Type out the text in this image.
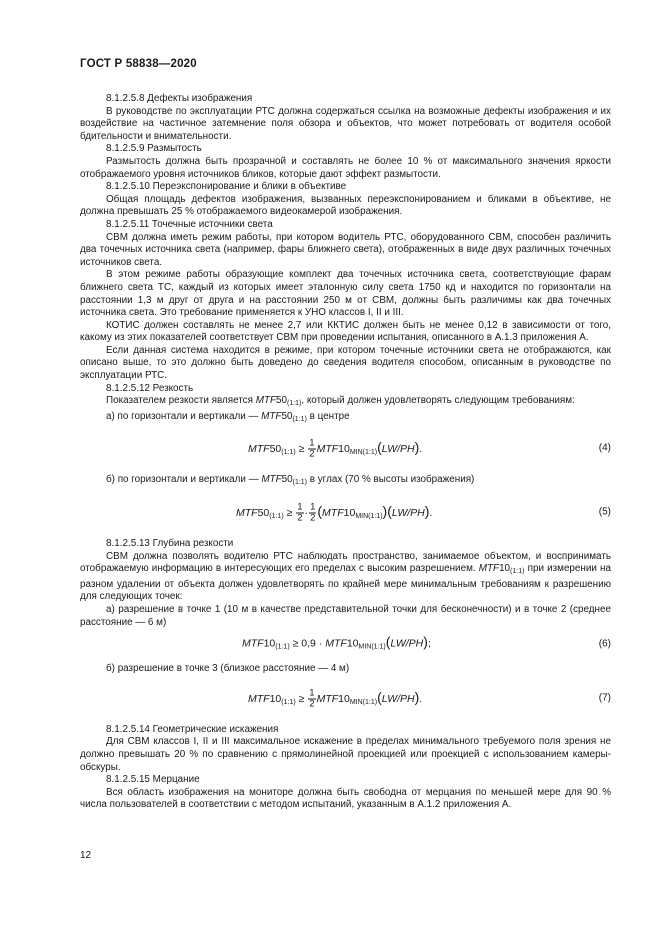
ГОСТ Р 58838—2020

8.1.2.5.8 Дефекты изображения

В руководстве по эксплуатации РТС должна содержаться ссылка на возможные дефекты изображения и их воздействие на частичное затемнение поля обзора и объектов, что может потребовать от водителя особой бдительности и внимательности.

8.1.2.5.9 Размытость

Размытость должна быть прозрачной и составлять не более 10 % от максимального значения яркости отображаемого уровня источников бликов, которые дают эффект размытости.

8.1.2.5.10 Переэкспонирование и блики в объективе

Общая площадь дефектов изображения, вызванных переэкспонированием и бликами в объективе, не должна превышать 25 % отображаемого видеокамерой изображения.

8.1.2.5.11 Точечные источники света

СВМ должна иметь режим работы, при котором водитель РТС, оборудованного СВМ, способен различить два точечных источника света (например, фары ближнего света), отображенных в виде двух различных точечных источников света.

В этом режиме работы образующие комплект два точечных источника света, соответствующие фарам ближнего света ТС, каждый из которых имеет эталонную силу света 1750 кд и находится по горизонтали на расстоянии 1,3 м друг от друга и на расстоянии 250 м от СВМ, должны быть различимы как два точечных источника света. Это требование применяется к УНО классов I, II и III.

КОТИС должен составлять не менее 2,7 или ККТИС должен быть не менее 0,12 в зависимости от того, какому из этих показателей соответствует СВМ при проведении испытания, описанного в А.1.3 приложения А.

Если данная система находится в режиме, при котором точечные источники света не отображаются, как описано выше, то это должно быть доведено до сведения водителя способом, описанным в руководстве по эксплуатации РТС.

8.1.2.5.12 Резкость

Показателем резкости является $MTF50_{(1:1)}$, который должен удовлетворять следующим требованиям:

а) по горизонтали и вертикали — $MTF50_{(1:1)}$ в центре

$MTF50_{(1:1)} \ge \frac{1}{2} MTF10_{MIN(1:1)}(LW/PH)$.	(4)

б) по горизонтали и вертикали — $MTF50_{(1:1)}$ в углах (70 % высоты изображения)

$MTF50_{(1:1)} \ge \frac{1}{2} \cdot \frac{1}{2} (MTF10_{MIN(1:1)})(LW/PH)$.	(5)

8.1.2.5.13 Глубина резкости

СВМ должна позволять водителю РТС наблюдать пространство, занимаемое объектом, и воспринимать отображаемую информацию в интересующих его пределах с высоким разрешением. $MTF10_{(1:1)}$ при измерении на разном удалении от объекта должен удовлетворять по крайней мере минимальным требованиям к разрешению для следующих точек:

а) разрешение в точке 1 (10 м в качестве представительной точки для бесконечности) и в точке 2 (среднее расстояние — 6 м)

$MTF10_{(1:1)} \ge 0,9 \cdot MTF10_{MIN(1:1)}(LW/PH)$;	(6)

б) разрешение в точке 3 (близкое расстояние — 4 м)

$MTF10_{(1:1)} \ge \frac{1}{2} MTF10_{MIN(1:1)}(LW/PH)$.	(7)

8.1.2.5.14 Геометрические искажения

Для СВМ классов I, II и III максимальное искажение в пределах минимального требуемого поля зрения не должно превышать 20 % по сравнению с прямолинейной проекцией или проекцией с использованием камеры-обскуры.

8.1.2.5.15 Мерцание

Вся область изображения на мониторе должна быть свободна от мерцания по меньшей мере для 90 % числа пользователей в соответствии с методом испытаний, указанным в А.1.2 приложения А.

12
